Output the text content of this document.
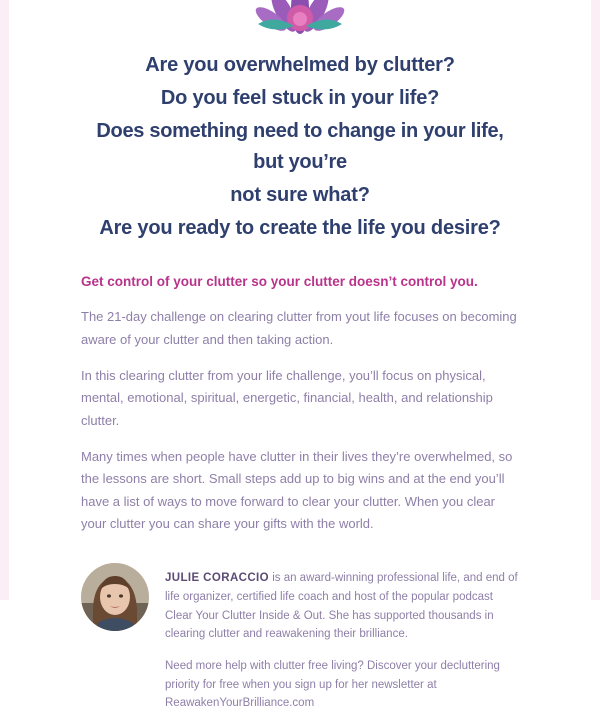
Are you overwhelmed by clutter?

Do you feel stuck in your life?

Does something need to change in your life, but you’re

not sure what?

Are you ready to create the life you desire?

Get control of your clutter so your clutter doesn’t control you.

The 21-day challenge on clearing clutter from yout life focuses on becoming aware of your clutter and then taking action.

In this clearing clutter from your life challenge, you’ll focus on physical, mental, emotional, spiritual, energetic, financial, health, and relationship clutter.

Many times when people have clutter in their lives they’re overwhelmed, so the lessons are short. Small steps add up to big wins and at the end you’ll have a list of ways to move forward to clear your clutter. When you clear your clutter you can share your gifts with the world.

JULIE CORACCIO is an award-winning professional life, and end of life organizer, certified life coach and host of the popular podcast Clear Your Clutter Inside & Out. She has supported thousands in clearing clutter and reawakening their brilliance.

Need more help with clutter free living? Discover your decluttering priority for free when you sign up for her newsletter at ReawakenYourBrilliance.com
